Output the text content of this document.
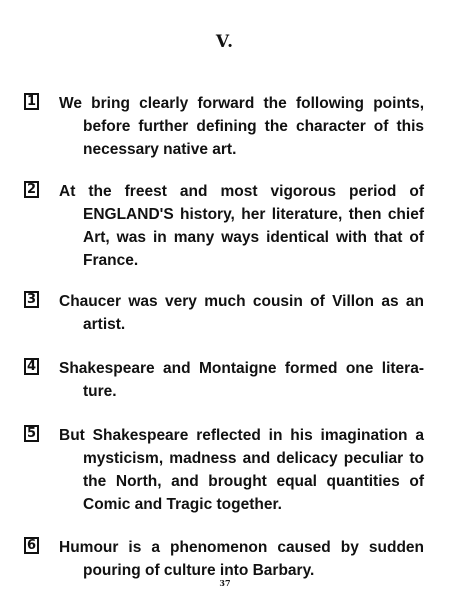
V.
1 We bring clearly forward the following points, before further defining the character of this necessary native art.
2 At the freest and most vigorous period of ENGLAND'S history, her literature, then chief Art, was in many ways identical with that of France.
3 Chaucer was very much cousin of Villon as an artist.
4 Shakespeare and Montaigne formed one litera-ture.
5 But Shakespeare reflected in his imagination a mysticism, madness and delicacy peculiar to the North, and brought equal quantities of Comic and Tragic together.
6 Humour is a phenomenon caused by sudden pouring of culture into Barbary.
37
